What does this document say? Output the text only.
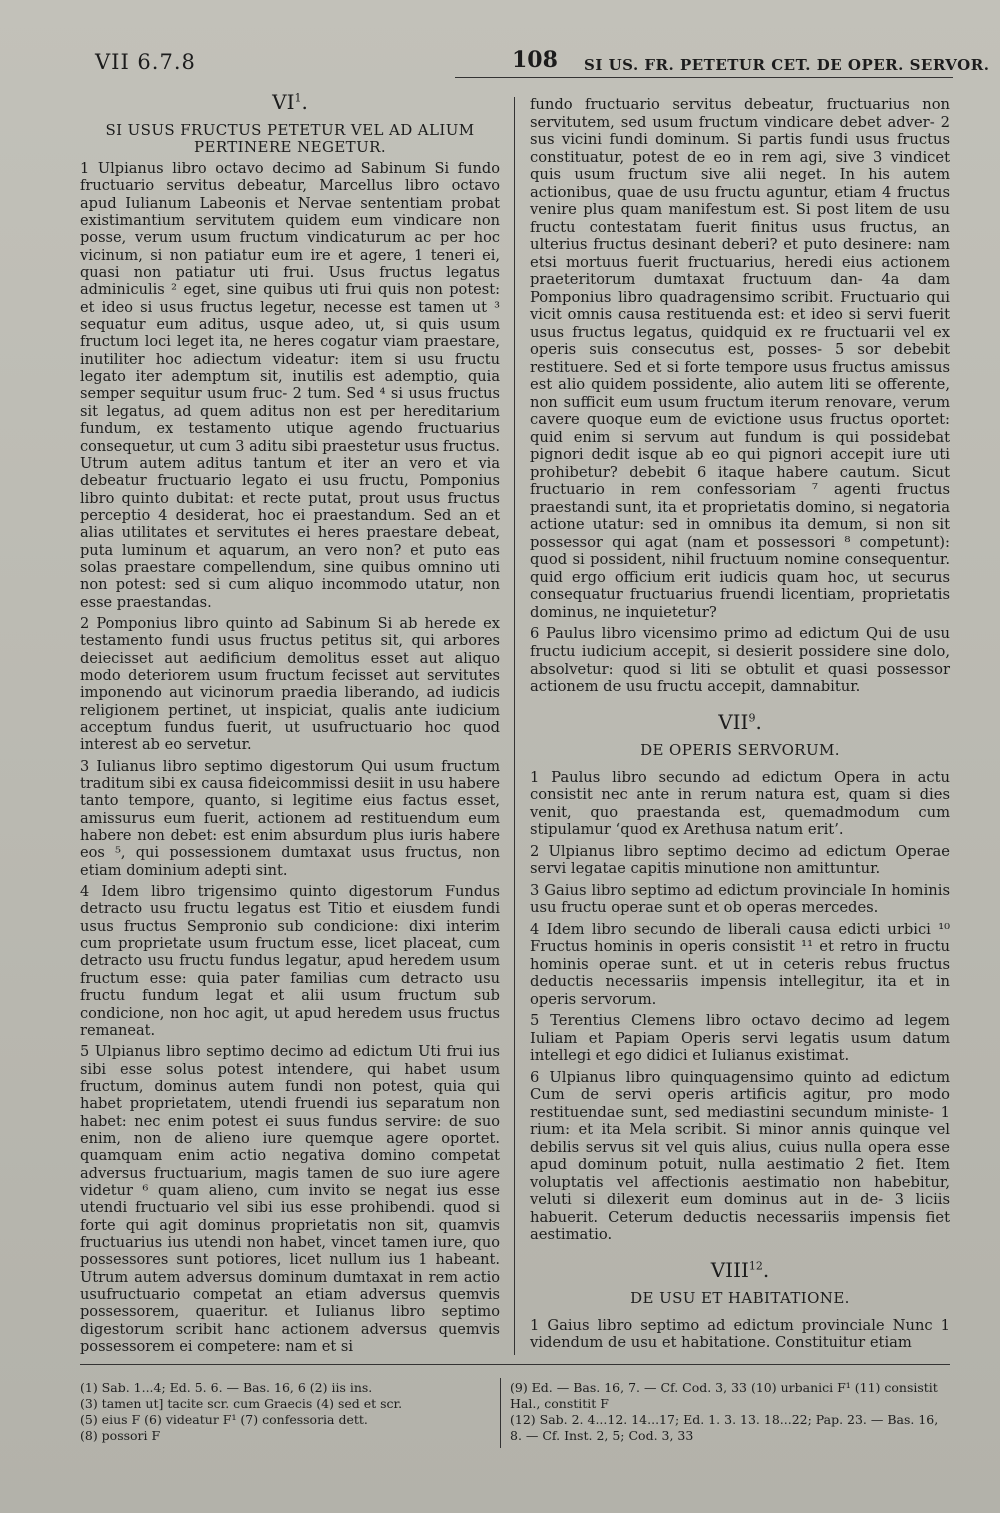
VII 6.7.8	108 SI US. FR. PETETUR CET. DE OPER. SERVOR.
$VI^1$.
SI USUS FRUCTUS PETETUR VEL AD ALIUM PERTINERE NEGETUR.
1 Ulpianus libro octavo decimo ad Sabinum Si fundo fructuario servitus debeatur, Marcellus libro octavo apud Iulianum Labeonis et Nervae sententiam probat existimantium servitutem quidem eum vindicare non posse, verum usum fructum vindicaturum ac per hoc vicinum, si non patiatur eum ire et agere, 1 teneri ei, quasi non patiatur uti frui. Usus fructus legatus adminiculis ² eget, sine quibus uti frui quis non potest: et ideo si usus fructus legetur, necesse est tamen ut ³ sequatur eum aditus, usque adeo, ut, si quis usum fructum loci leget ita, ne heres cogatur viam praestare, inutiliter hoc adiectum videatur: item si usu fructu legato iter ademptum sit, inutilis est ademptio, quia semper sequitur usum fruc- 2 tum. Sed ⁴ si usus fructus sit legatus, ad quem aditus non est per hereditarium fundum, ex testamento utique agendo fructuarius consequetur, ut cum 3 aditu sibi praestetur usus fructus. Utrum autem aditus tantum et iter an vero et via debeatur fructuario legato ei usu fructu, Pomponius libro quinto dubitat: et recte putat, prout usus fructus perceptio 4 desiderat, hoc ei praestandum. Sed an et alias utilitates et servitutes ei heres praestare debeat, puta luminum et aquarum, an vero non? et puto eas solas praestare compellendum, sine quibus omnino uti non potest: sed si cum aliquo incommodo utatur, non esse praestandas.
2 Pomponius libro quinto ad Sabinum Si ab herede ex testamento fundi usus fructus petitus sit, qui arbores deiecisset aut aedificium demolitus esset aut aliquo modo deteriorem usum fructum fecisset aut servitutes imponendo aut vicinorum praedia liberando, ad iudicis religionem pertinet, ut inspiciat, qualis ante iudicium acceptum fundus fuerit, ut usufructuario hoc quod interest ab eo servetur.
3 Iulianus libro septimo digestorum Qui usum fructum traditum sibi ex causa fideicommissi desiit in usu habere tanto tempore, quanto, si legitime eius factus esset, amissurus eum fuerit, actionem ad restituendum eum habere non debet: est enim absurdum plus iuris habere eos ⁵, qui possessionem dumtaxat usus fructus, non etiam dominium adepti sint.
4 Idem libro trigensimo quinto digestorum Fundus detracto usu fructu legatus est Titio et eiusdem fundi usus fructus Sempronio sub condicione: dixi interim cum proprietate usum fructum esse, licet placeat, cum detracto usu fructu fundus legatur, apud heredem usum fructum esse: quia pater familias cum detracto usu fructu fundum legat et alii usum fructum sub condicione, non hoc agit, ut apud heredem usus fructus remaneat.
5 Ulpianus libro septimo decimo ad edictum Uti frui ius sibi esse solus potest intendere, qui habet usum fructum, dominus autem fundi non potest, quia qui habet proprietatem, utendi fruendi ius separatum non habet: nec enim potest ei suus fundus servire: de suo enim, non de alieno iure quemque agere oportet. quamquam enim actio negativa domino competat adversus fructuarium, magis tamen de suo iure agere videtur ⁶ quam alieno, cum invito se negat ius esse utendi fructuario vel sibi ius esse prohibendi. quod si forte qui agit dominus proprietatis non sit, quamvis fructuarius ius utendi non habet, vincet tamen iure, quo possessores sunt potiores, licet nullum ius 1 habeant. Utrum autem adversus dominum dumtaxat in rem actio usufructuario competat an etiam adversus quemvis possessorem, quaeritur. et Iulianus libro septimo digestorum scribit hanc actionem adversus quemvis possessorem ei competere: nam et si
fundo fructuario servitus debeatur, fructuarius non servitutem, sed usum fructum vindicare debet adver- 2 sus vicini fundi dominum. Si partis fundi usus fructus constituatur, potest de eo in rem agi, sive 3 vindicet quis usum fructum sive alii neget. In his autem actionibus, quae de usu fructu aguntur, etiam 4 fructus venire plus quam manifestum est. Si post litem de usu fructu contestatam fuerit finitus usus fructus, an ulterius fructus desinant deberi? et puto desinere: nam etsi mortuus fuerit fructuarius, heredi eius actionem praeteritorum dumtaxat fructuum dan- 4a dam Pomponius libro quadragensimo scribit. Fructuario qui vicit omnis causa restituenda est: et ideo si servi fuerit usus fructus legatus, quidquid ex re fructuarii vel ex operis suis consecutus est, posses- 5 sor debebit restituere. Sed et si forte tempore usus fructus amissus est alio quidem possidente, alio autem liti se offerente, non sufficit eum usum fructum iterum renovare, verum cavere quoque eum de evictione usus fructus oportet: quid enim si servum aut fundum is qui possidebat pignori dedit isque ab eo qui pignori accepit iure uti prohibetur? debebit 6 itaque habere cautum. Sicut fructuario in rem confessoriam ⁷ agenti fructus praestandi sunt, ita et proprietatis domino, si negatoria actione utatur: sed in omnibus ita demum, si non sit possessor qui agat (nam et possessori ⁸ competunt): quod si possident, nihil fructuum nomine consequentur. quid ergo officium erit iudicis quam hoc, ut securus consequatur fructuarius fruendi licentiam, proprietatis dominus, ne inquietetur?
6 Paulus libro vicensimo primo ad edictum Qui de usu fructu iudicium accepit, si desierit possidere sine dolo, absolvetur: quod si liti se obtulit et quasi possessor actionem de usu fructu accepit, damnabitur.
VII$^9$.
DE OPERIS SERVORUM.
1 Paulus libro secundo ad edictum Opera in actu consistit nec ante in rerum natura est, quam si dies venit, quo praestanda est, quemadmodum cum stipulamur ‘quod ex Arethusa natum erit’.
2 Ulpianus libro septimo decimo ad edictum Operae servi legatae capitis minutione non amittuntur.
3 Gaius libro septimo ad edictum provinciale In hominis usu fructu operae sunt et ob operas mercedes.
4 Idem libro secundo de liberali causa edicti urbici ¹⁰ Fructus hominis in operis consistit ¹¹ et retro in fructu hominis operae sunt. et ut in ceteris rebus fructus deductis necessariis impensis intellegitur, ita et in operis servorum.
5 Terentius Clemens libro octavo decimo ad legem Iuliam et Papiam Operis servi legatis usum datum intellegi et ego didici et Iulianus existimat.
6 Ulpianus libro quinquagensimo quinto ad edictum Cum de servi operis artificis agitur, pro modo restituendae sunt, sed mediastini secundum ministe- 1 rium: et ita Mela scribit. Si minor annis quinque vel debilis servus sit vel quis alius, cuius nulla opera esse apud dominum potuit, nulla aestimatio 2 fiet. Item voluptatis vel affectionis aestimatio non habebitur, veluti si dilexerit eum dominus aut in de- 3 liciis habuerit. Ceterum deductis necessariis impensis fiet aestimatio.
VIII$^{12}$.
DE USU ET HABITATIONE.
1 Gaius libro septimo ad edictum provinciale Nunc 1 videndum de usu et habitatione. Constituitur etiam
(1) Sab. 1...4; Ed. 5. 6. — Bas. 16, 6 (2) iis ins.
(3) tamen ut] tacite scr. cum Graecis (4) sed et scr.
(5) eius F (6) videatur F¹ (7) confessoria dett.
(8) possori F
(9) Ed. — Bas. 16, 7. — Cf. Cod. 3, 33 (10) urbanici F¹ (11) consistit Hal., constitit F
(12) Sab. 2. 4...12. 14...17; Ed. 1. 3. 13. 18...22; Pap. 23. — Bas. 16, 8. — Cf. Inst. 2, 5; Cod. 3, 33
